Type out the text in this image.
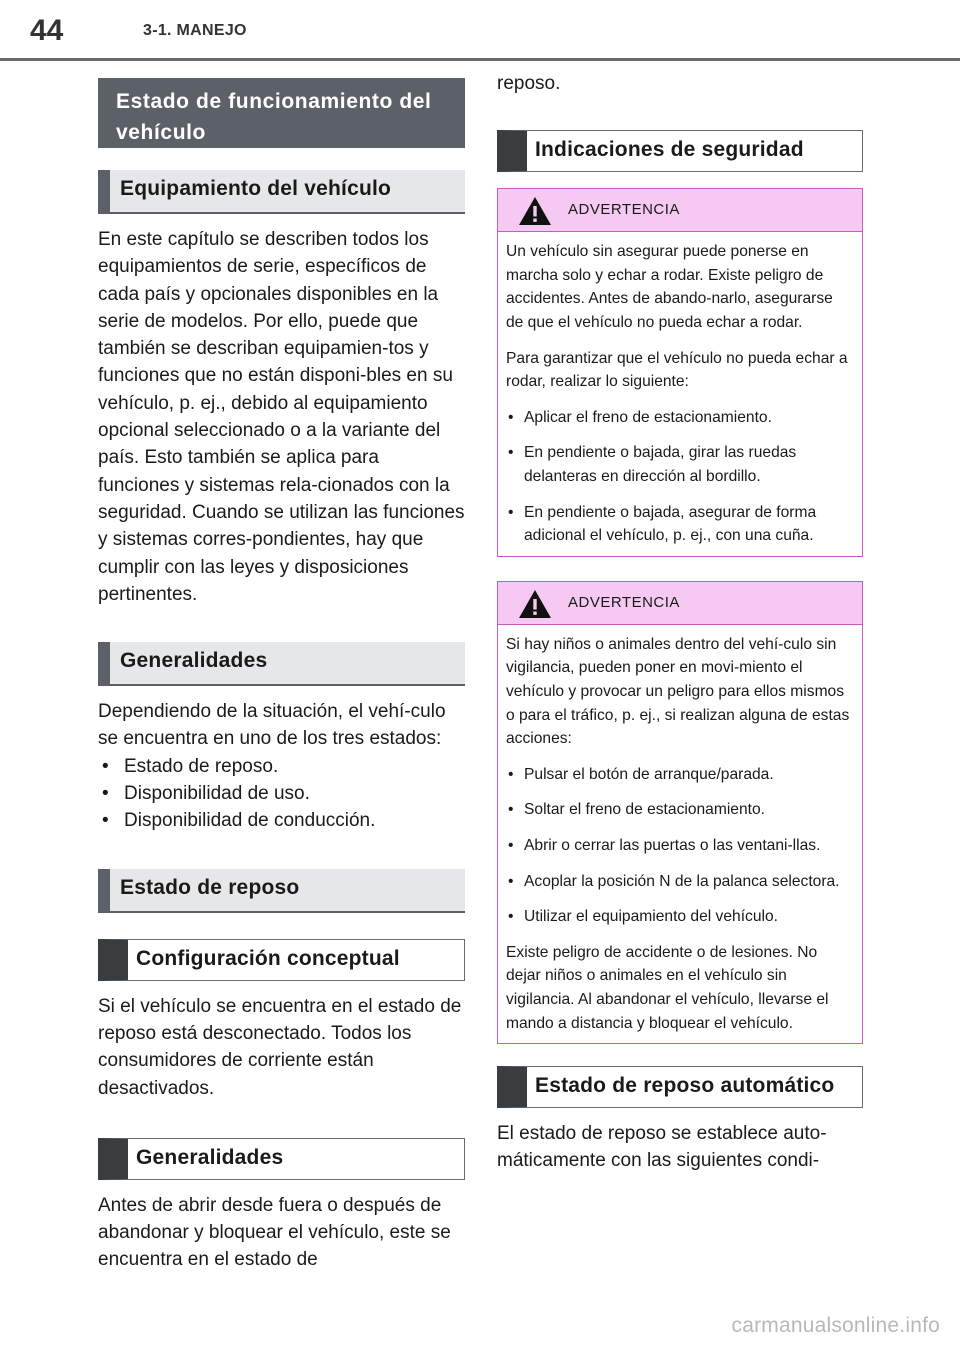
44	3-1. MANEJO
Estado de funcionamiento del vehículo
Equipamiento del vehículo

En este capítulo se describen todos los equipamientos de serie, específicos de cada país y opcionales disponibles en la serie de modelos. Por ello, puede que también se describan equipamien-tos y funciones que no están disponi-bles en su vehículo, p. ej., debido al equipamiento opcional seleccionado o a la variante del país. Esto también se aplica para funciones y sistemas rela-cionados con la seguridad. Cuando se utilizan las funciones y sistemas corres-pondientes, hay que cumplir con las leyes y disposiciones pertinentes.

Generalidades

Dependiendo de la situación, el vehí-culo se encuentra en uno de los tres estados:

• Estado de reposo.
• Disponibilidad de uso.
• Disponibilidad de conducción.
Estado de reposo
Configuración conceptual

Si el vehículo se encuentra en el estado de reposo está desconectado. Todos los consumidores de corriente están desactivados.

Generalidades

Antes de abrir desde fuera o después de abandonar y bloquear el vehículo, este se encuentra en el estado de

reposo.

Indicaciones de seguridad
ADVERTENCIA

Un vehículo sin asegurar puede ponerse en marcha solo y echar a rodar. Existe peligro de accidentes. Antes de abando-narlo, asegurarse de que el vehículo no pueda echar a rodar.

Para garantizar que el vehículo no pueda echar a rodar, realizar lo siguiente:

• Aplicar el freno de estacionamiento.
• En pendiente o bajada, girar las ruedas delanteras en dirección al bordillo.
• En pendiente o bajada, asegurar de forma adicional el vehículo, p. ej., con una cuña.
ADVERTENCIA

Si hay niños o animales dentro del vehí-culo sin vigilancia, pueden poner en movi-miento el vehículo y provocar un peligro para ellos mismos o para el tráfico, p. ej., si realizan alguna de estas acciones:

• Pulsar el botón de arranque/parada.
• Soltar el freno de estacionamiento.
• Abrir o cerrar las puertas o las ventani-llas.
• Acoplar la posición N de la palanca selectora.
• Utilizar el equipamiento del vehículo.

Existe peligro de accidente o de lesiones. No dejar niños o animales en el vehículo sin vigilancia. Al abandonar el vehículo, llevarse el mando a distancia y bloquear el vehículo.

Estado de reposo automático

El estado de reposo se establece auto-máticamente con las siguientes condi-

carmanualsonline.info
